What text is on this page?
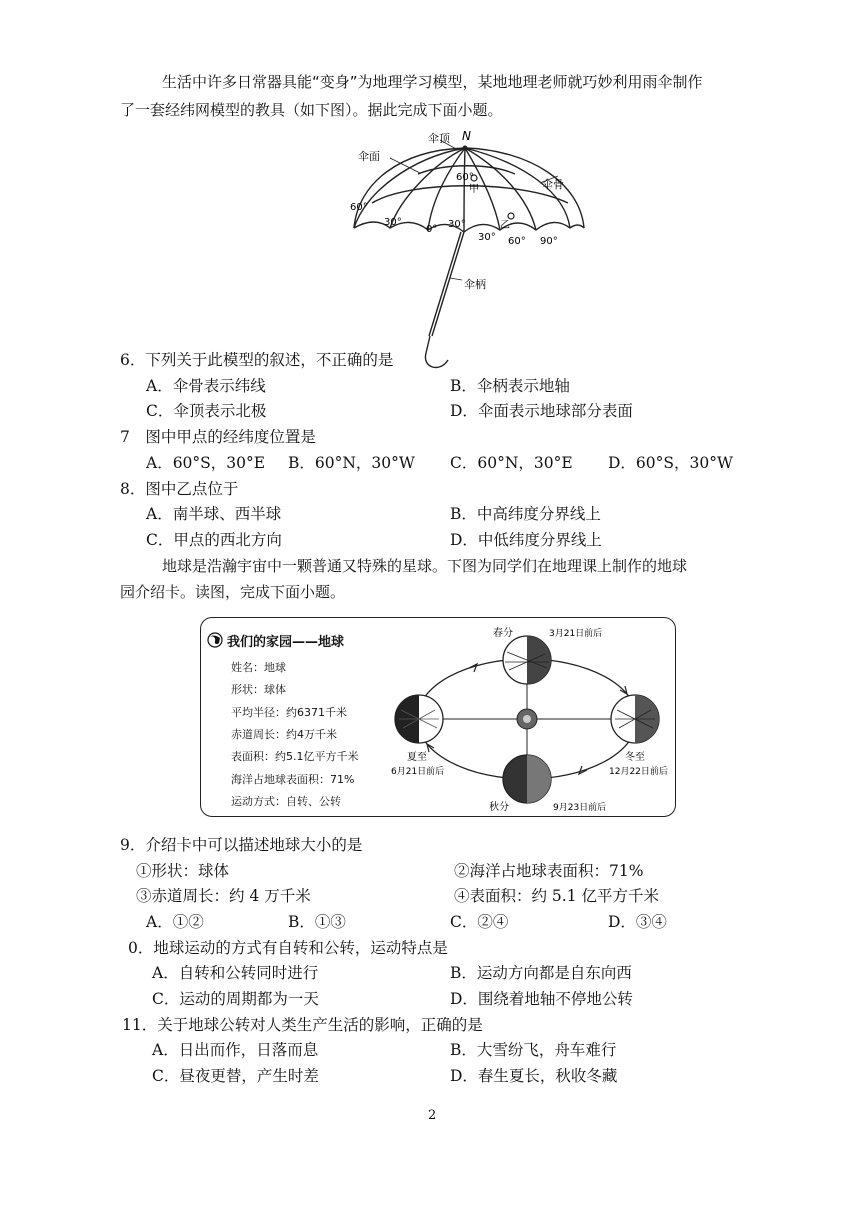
生活中许多日常器具能“变身”为地理学习模型，某地地理老师就巧妙利用雨伞制作
了一套经纬网模型的教具（如下图）。据此完成下面小题。
伞面
伞顶 N
伞骨
伞柄
60°
甲
60°
30°
0° 30°
30°
乙
60° 90°
6．下列关于此模型的叙述，不正确的是
A．伞骨表示纬线	B．伞柄表示地轴
C．伞顶表示北极	D．伞面表示地球部分表面
7　图中甲点的经纬度位置是
A．60°S，30°E B．60°N，30°W C．60°N，30°E D．60°S，30°W
8．图中乙点位于
A．南半球、西半球	B．中高纬度分界线上
C．甲点的西北方向	D．中低纬度分界线上
地球是浩瀚宇宙中一颗普通又特殊的星球。下图为同学们在地理课上制作的地球
园介绍卡。读图，完成下面小题。
我们的家园——地球
姓名：地球
形状：球体
平均半径：约6371千米
赤道周长：约4万千米
表面积：约5.1亿平方千米
海洋占地球表面积：71%
运动方式：自转、公转
春分	3月21日前后
夏至
6月21日前后
冬至
12月22日前后
秋分	9月23日前后
9．介绍卡中可以描述地球大小的是
①形状：球体	②海洋占地球表面积：71%
③赤道周长：约 4 万千米	④表面积：约 5.1 亿平方千米
A．①②	B．①③	C．②④	D．③④
0．地球运动的方式有自转和公转，运动特点是
A．自转和公转同时进行	B．运动方向都是自东向西
C．运动的周期都为一天	D．围绕着地轴不停地公转
11．关于地球公转对人类生产生活的影响，正确的是
A．日出而作，日落而息	B．大雪纷飞，舟车难行
C．昼夜更替，产生时差	D．春生夏长，秋收冬藏
2
